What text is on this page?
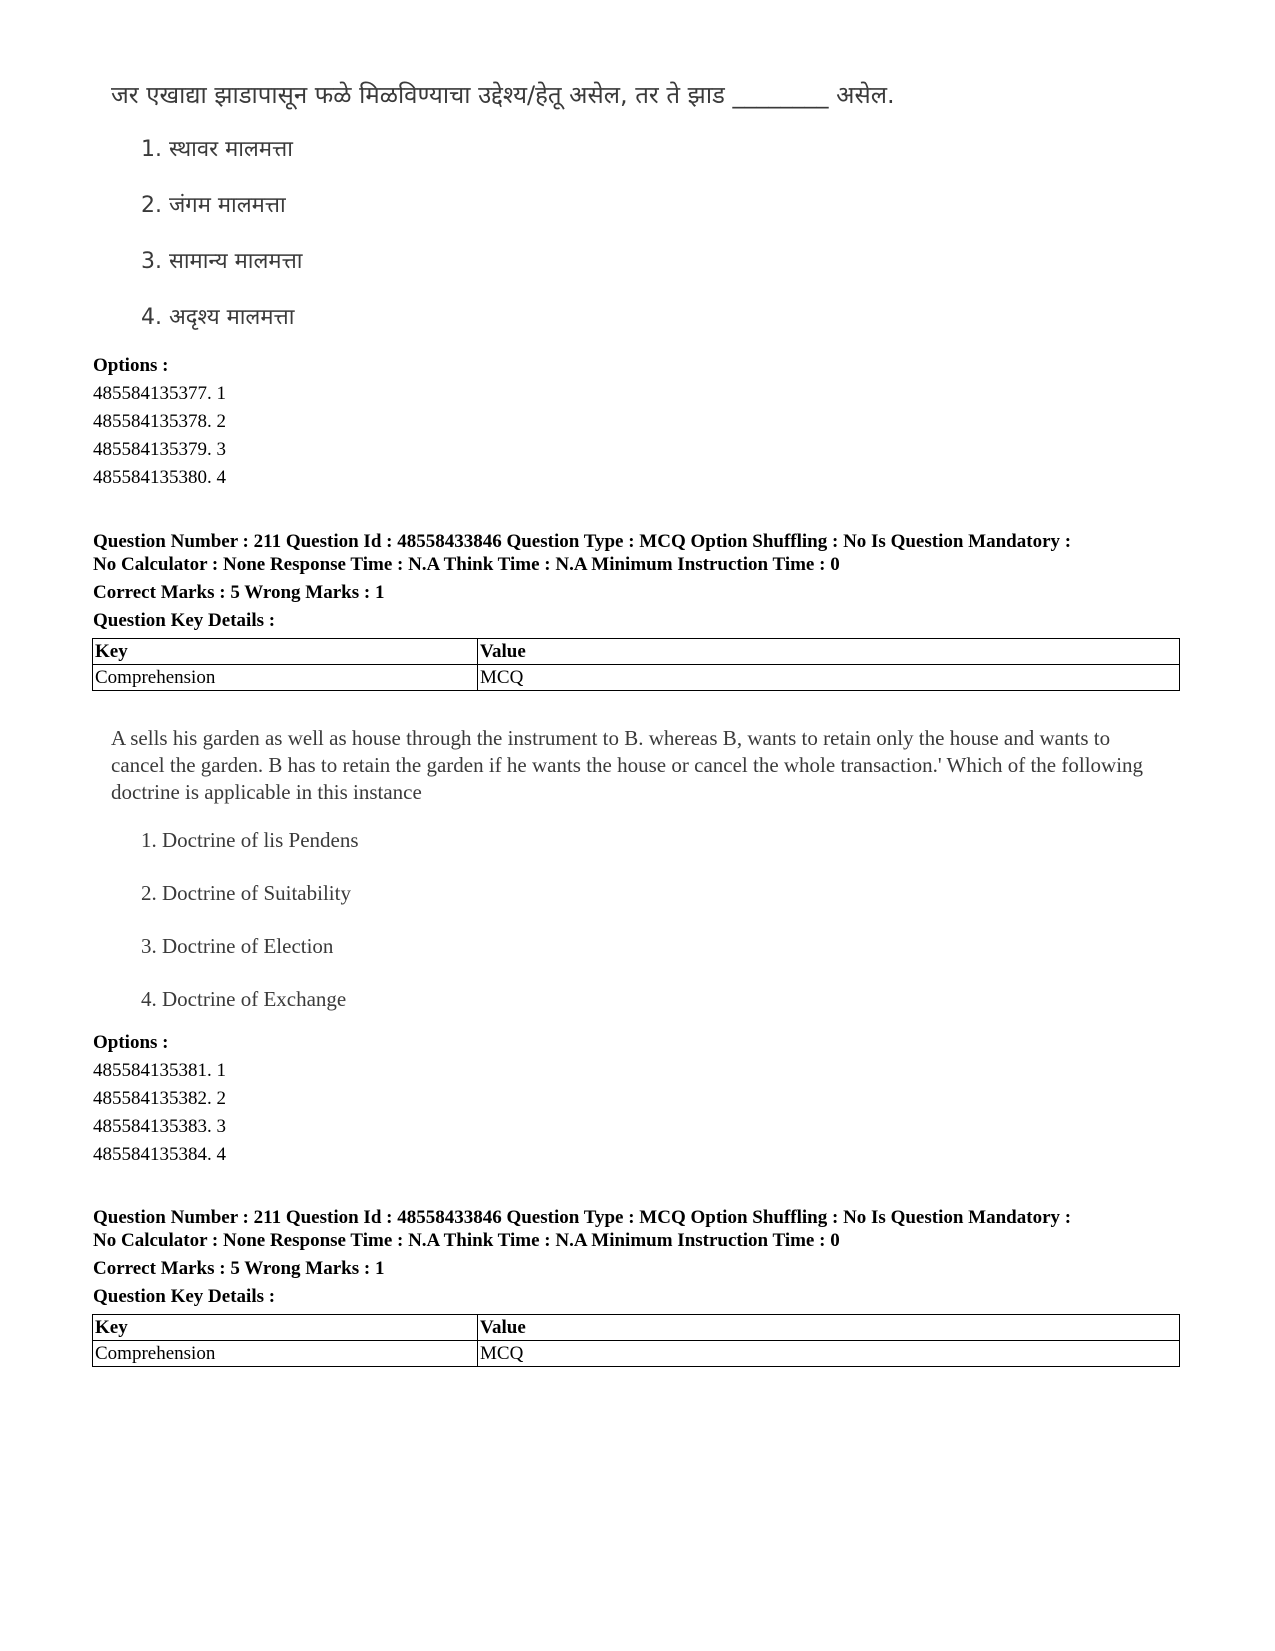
जर एखाद्या झाडापासून फळे मिळविण्याचा उद्देश्य/हेतू असेल, तर ते झाड ________ असेल.
1. स्थावर मालमत्ता
2. जंगम मालमत्ता
3. सामान्य मालमत्ता
4. अदृश्य मालमत्ता
Options :
485584135377. 1
485584135378. 2
485584135379. 3
485584135380. 4
Question Number : 211 Question Id : 48558433846 Question Type : MCQ Option Shuffling : No Is Question Mandatory :
No Calculator : None Response Time : N.A Think Time : N.A Minimum Instruction Time : 0
Correct Marks : 5 Wrong Marks : 1
Question Key Details :
Key	Value
Comprehension	MCQ
A sells his garden as well as house through the instrument to B. whereas B, wants to retain only the house and wants to cancel the garden. B has to retain the garden if he wants the house or cancel the whole transaction.' Which of the following doctrine is applicable in this instance
1. Doctrine of lis Pendens
2. Doctrine of Suitability
3. Doctrine of Election
4. Doctrine of Exchange
Options :
485584135381. 1
485584135382. 2
485584135383. 3
485584135384. 4
Question Number : 211 Question Id : 48558433846 Question Type : MCQ Option Shuffling : No Is Question Mandatory :
No Calculator : None Response Time : N.A Think Time : N.A Minimum Instruction Time : 0
Correct Marks : 5 Wrong Marks : 1
Question Key Details :
Key	Value
Comprehension	MCQ
